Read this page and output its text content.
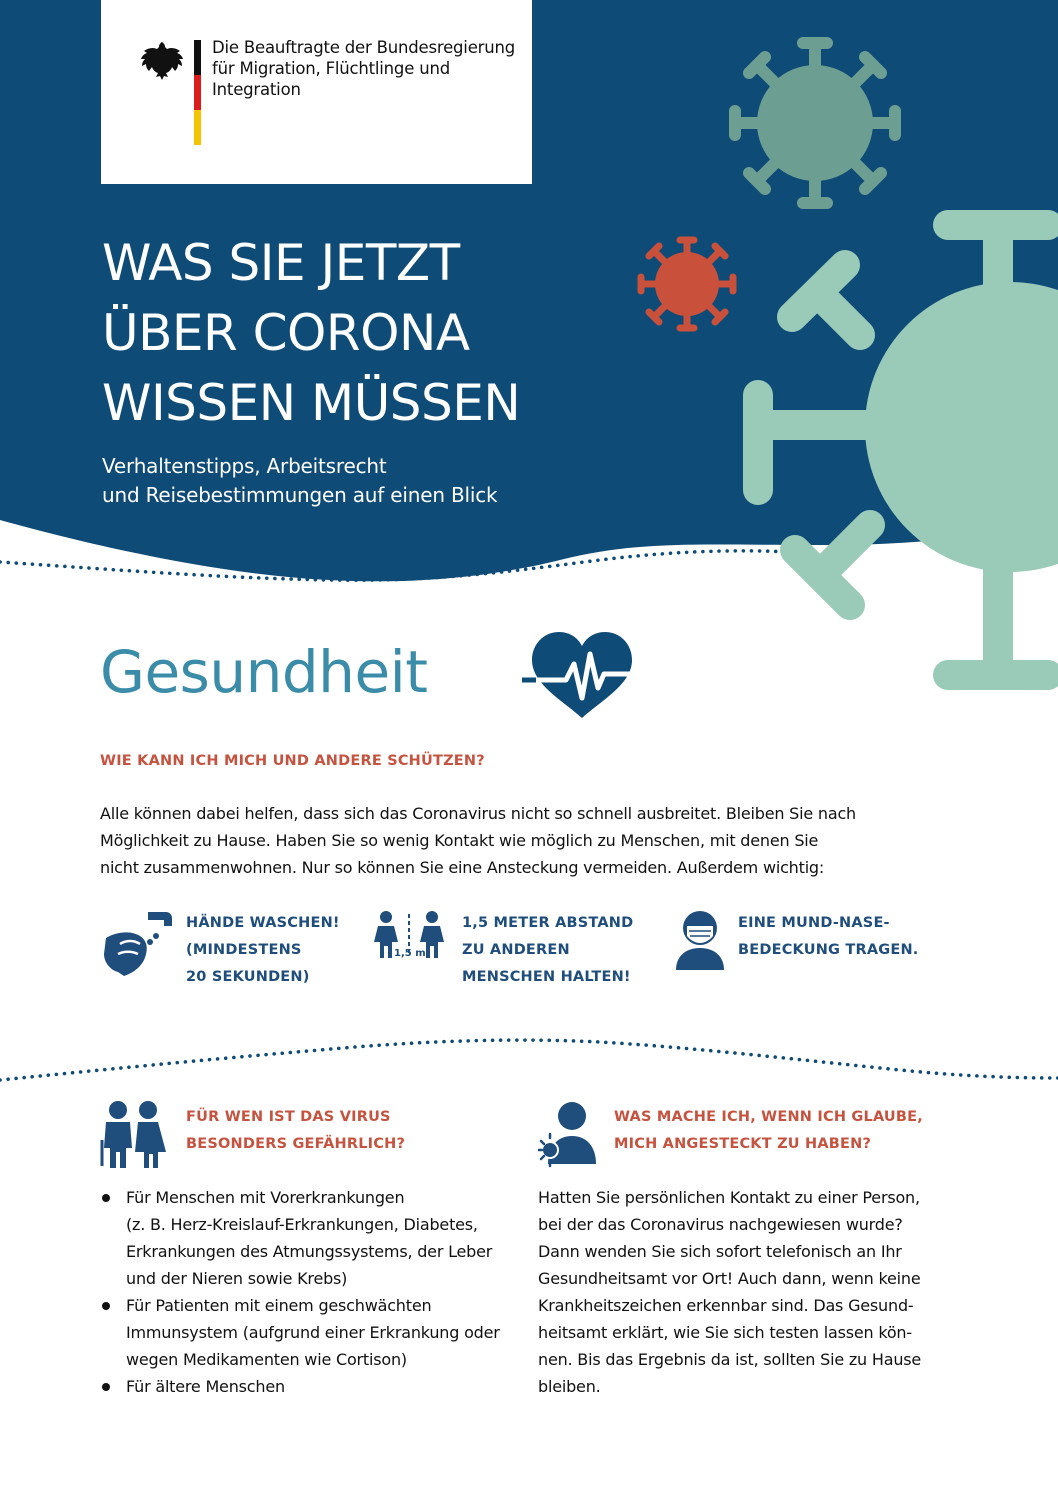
Die Beauftragte der Bundesregierung
für Migration, Flüchtlinge und
Integration
WAS SIE JETZT
ÜBER CORONA
WISSEN MÜSSEN
Verhaltenstipps, Arbeitsrecht
und Reisebestimmungen auf einen Blick
Gesundheit
WIE KANN ICH MICH UND ANDERE SCHÜTZEN?
Alle können dabei helfen, dass sich das Coronavirus nicht so schnell ausbreitet. Bleiben Sie nach
Möglichkeit zu Hause. Haben Sie so wenig Kontakt wie möglich zu Menschen, mit denen Sie
nicht zusammenwohnen. Nur so können Sie eine Ansteckung vermeiden. Außerdem wichtig:
HÄNDE WASCHEN!
(MINDESTENS
20 SEKUNDEN)
1,5 m
1,5 METER ABSTAND
ZU ANDEREN
MENSCHEN HALTEN!
EINE MUND-NASE-
BEDECKUNG TRAGEN.
FÜR WEN IST DAS VIRUS
BESONDERS GEFÄHRLICH?
Für Menschen mit Vorerkrankungen
(z. B. Herz-Kreislauf-Erkrankungen, Diabetes,
Erkrankungen des Atmungssystems, der Leber
und der Nieren sowie Krebs)
Für Patienten mit einem geschwächten
Immunsystem (aufgrund einer Erkrankung oder
wegen Medikamenten wie Cortison)
Für ältere Menschen
WAS MACHE ICH, WENN ICH GLAUBE,
MICH ANGESTECKT ZU HABEN?
Hatten Sie persönlichen Kontakt zu einer Person,
bei der das Coronavirus nachgewiesen wurde?
Dann wenden Sie sich sofort telefonisch an Ihr
Gesundheitsamt vor Ort! Auch dann, wenn keine
Krankheitszeichen erkennbar sind. Das Gesund-
heitsamt erklärt, wie Sie sich testen lassen kön-
nen. Bis das Ergebnis da ist, sollten Sie zu Hause
bleiben.
